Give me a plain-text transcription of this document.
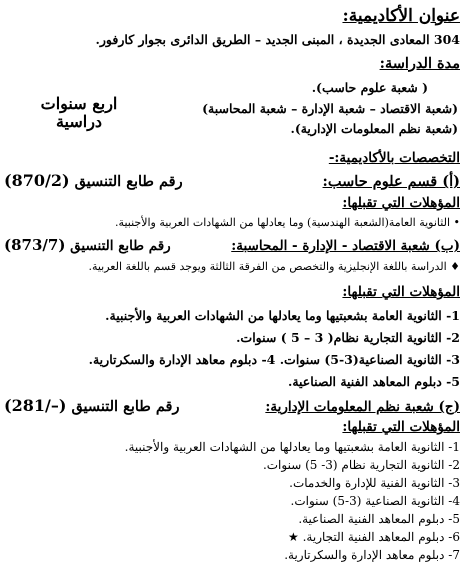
عنوان الأكاديمية:
304 المعادى الجديدة ، المبنى الجديد – الطريق الدائرى بجوار كارفور.
مدة الدراسة:
اربع سنوات دراسية
( شعبة علوم حاسب).
(شعبة الاقتصاد – شعبة الإدارة – شعبة المحاسبة)
(شعبة نظم المعلومات الإدارية).
التخصصات بالأكاديمية:-
(أ) قسم علوم حاسب:
رقم طابع التنسيق (870/2)
المؤهلات التي تقبلها:
• الثانوية العامة(الشعبة الهندسية) وما يعادلها من الشهادات العربية والأجنبية.
(ب) شعبة الاقتصاد - الإدارة - المحاسبة:
رقم طابع التنسيق (873/7)
♦ الدراسة باللغة الإنجليزية والتخصص من الفرقة الثالثة ويوجد قسم باللغة العربية.
المؤهلات التي تقبلها:
1- الثانوية العامة بشعبتيها وما يعادلها من الشهادات العربية والأجنبية.
2- الثانوية التجارية نظام( 3 – 5 ) سنوات.
3- الثانوية الصناعية(3-5) سنوات. 4- دبلوم معاهد الإدارة والسكرتارية.
5- دبلوم المعاهد الفنية الصناعية.
(ج) شعبة نظم المعلومات الإدارية:
رقم طابع التنسيق (281/–)
المؤهلات التي تقبلها:
1- الثانوية العامة بشعبتيها وما يعادلها من الشهادات العربية والأجنبية.
2- الثانوية التجارية نظام (3- 5) سنوات.
3- الثانوية الفنية للإدارة والخدمات.
4- الثانوية الصناعية (3-5) سنوات.
5- دبلوم المعاهد الفنية الصناعية.
6- دبلوم المعاهد الفنية التجارية. ★
7- دبلوم معاهد الإدارة والسكرتارية.
